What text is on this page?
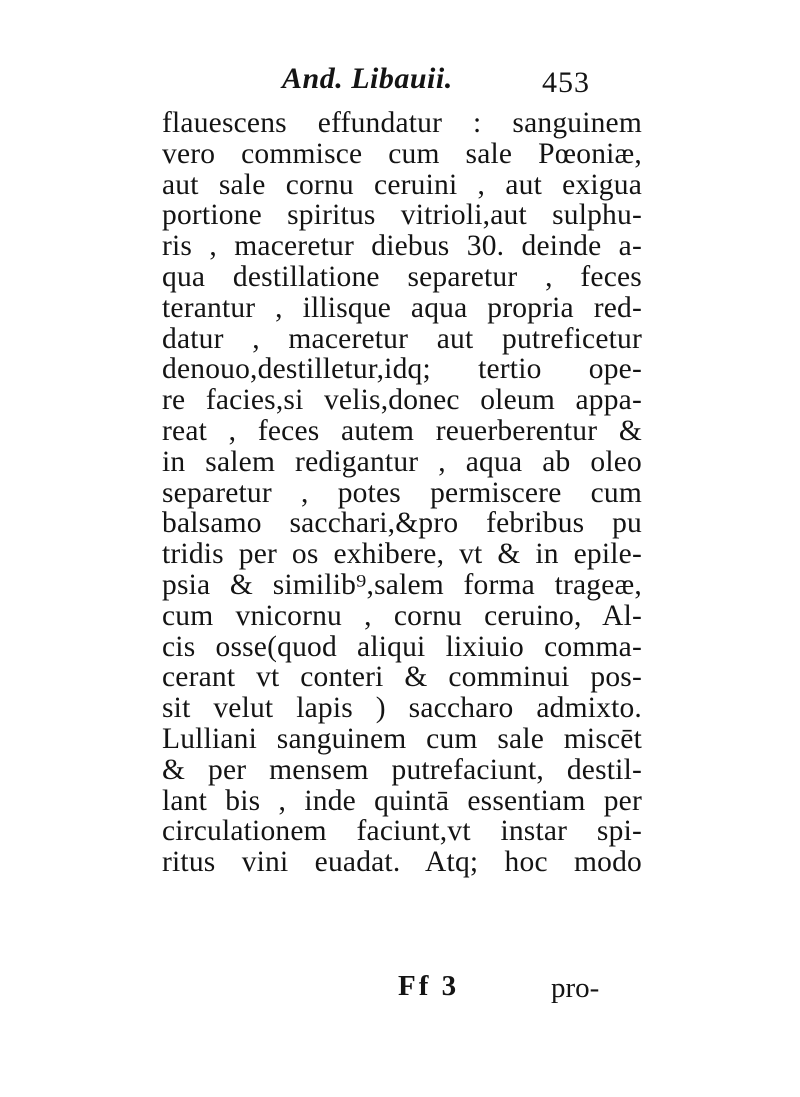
And. Libauii.	453
flauescens effundatur : sanguinem
vero commisce cum sale Pœoniæ,
aut sale cornu ceruini , aut exigua
portione spiritus vitrioli,aut sulphu-
ris , maceretur diebus 30. deinde a-
qua destillatione separetur , feces
terantur , illisque aqua propria red-
datur , maceretur aut putreficetur
denouo,destilletur,idq; tertio ope-
re facies,si velis,donec oleum appa-
reat , feces autem reuerberentur &
in salem redigantur , aqua ab oleo
separetur , potes permiscere cum
balsamo sacchari,&pro febribus pu
tridis per os exhibere, vt & in epile-
psia & similib⁹,salem forma trageæ,
cum vnicornu , cornu ceruino, Al-
cis osse(quod aliqui lixiuio comma-
cerant vt conteri & comminui pos-
sit velut lapis ) saccharo admixto.
Lulliani sanguinem cum sale miscēt
& per mensem putrefaciunt, destil-
lant bis , inde quintā essentiam per
circulationem faciunt,vt instar spi-
ritus vini euadat. Atq; hoc modo
Ff 3	pro-
